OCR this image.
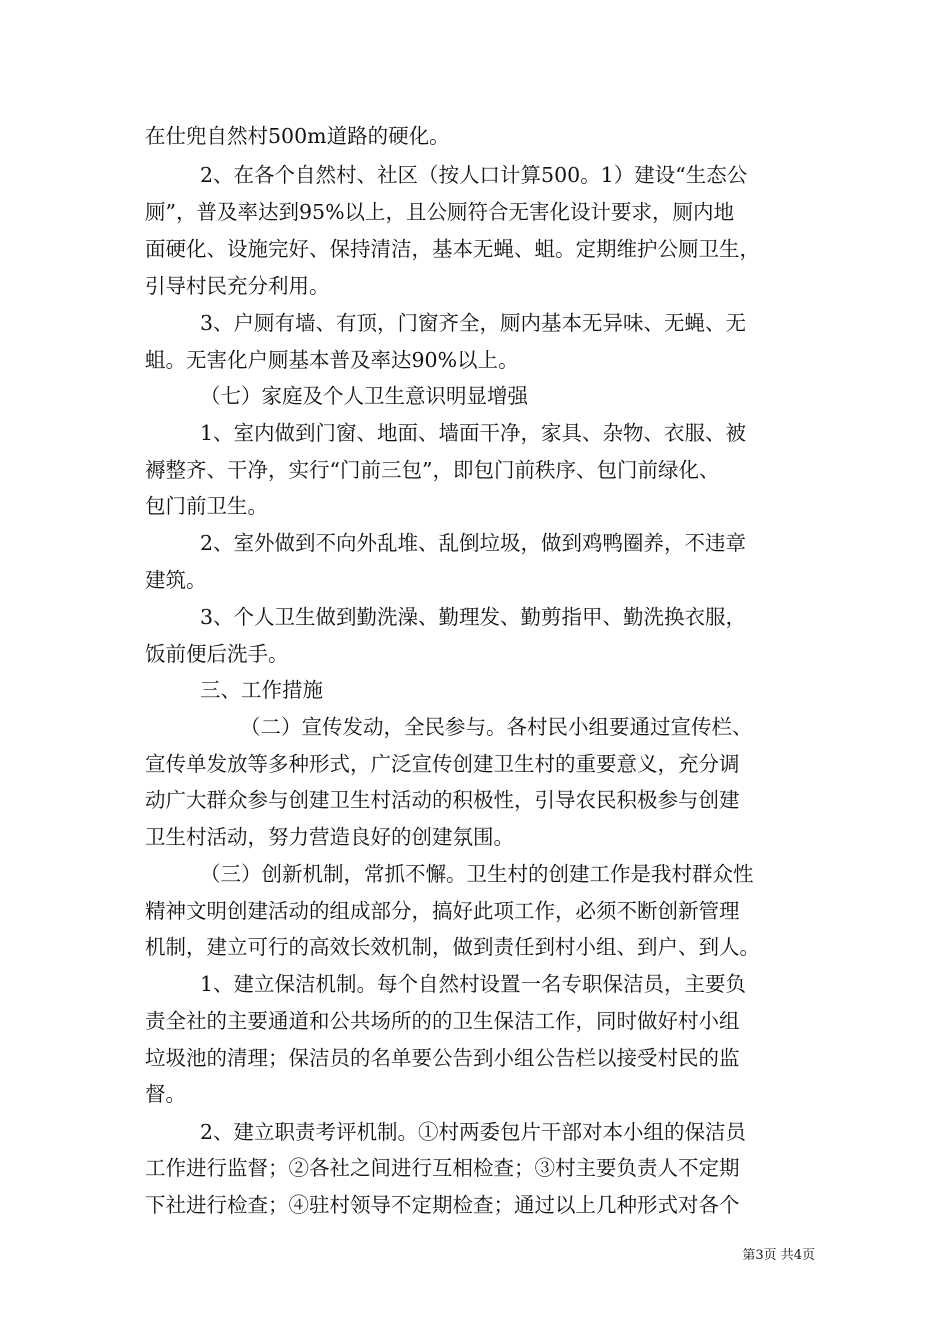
在仕兜自然村500m道路的硬化。
2、在各个自然村、社区（按人口计算500。1）建设“生态公
厕”，普及率达到95%以上，且公厕符合无害化设计要求，厕内地
面硬化、设施完好、保持清洁，基本无蝇、蛆。定期维护公厕卫生，
引导村民充分利用。
3、户厕有墙、有顶，门窗齐全，厕内基本无异味、无蝇、无
蛆。无害化户厕基本普及率达90%以上。
（七）家庭及个人卫生意识明显增强
1、室内做到门窗、地面、墙面干净，家具、杂物、衣服、被
褥整齐、干净，实行“门前三包”，即包门前秩序、包门前绿化、
包门前卫生。
2、室外做到不向外乱堆、乱倒垃圾，做到鸡鸭圈养，不违章
建筑。
3、个人卫生做到勤洗澡、勤理发、勤剪指甲、勤洗换衣服，
饭前便后洗手。
三、工作措施
（二）宣传发动，全民参与。各村民小组要通过宣传栏、
宣传单发放等多种形式，广泛宣传创建卫生村的重要意义，充分调
动广大群众参与创建卫生村活动的积极性，引导农民积极参与创建
卫生村活动，努力营造良好的创建氛围。
（三）创新机制，常抓不懈。卫生村的创建工作是我村群众性
精神文明创建活动的组成部分，搞好此项工作，必须不断创新管理
机制，建立可行的高效长效机制，做到责任到村小组、到户、到人。
1、建立保洁机制。每个自然村设置一名专职保洁员，主要负
责全社的主要通道和公共场所的的卫生保洁工作，同时做好村小组
垃圾池的清理；保洁员的名单要公告到小组公告栏以接受村民的监
督。
2、建立职责考评机制。①村两委包片干部对本小组的保洁员
工作进行监督；②各社之间进行互相检查；③村主要负责人不定期
下社进行检查；④驻村领导不定期检查；通过以上几种形式对各个
第3页 共4页
